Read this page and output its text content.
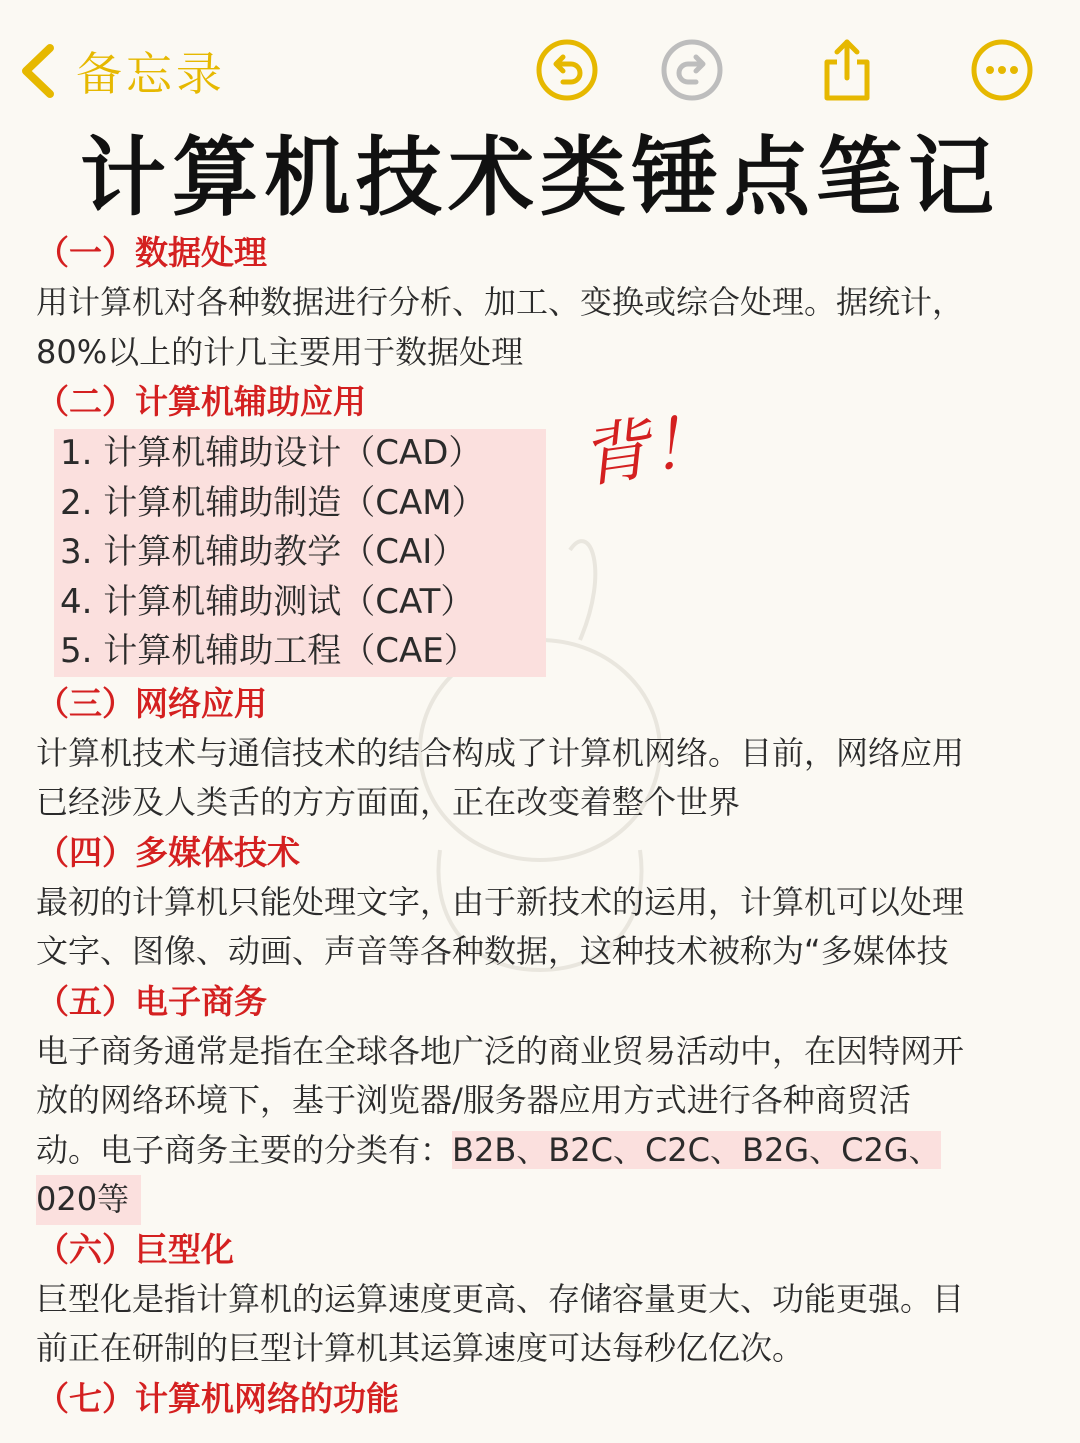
备忘录
计算机技术类锤点笔记
背！
（一）数据处理
用计算机对各种数据进行分析、加工、变换或综合处理。据统计，
80%以上的计几主要用于数据处理
（二）计算机辅助应用
1. 计算机辅助设计（CAD）
2. 计算机辅助制造（CAM）
3. 计算机辅助教学（CAI）
4. 计算机辅助测试（CAT）
5. 计算机辅助工程（CAE）
（三）网络应用
计算机技术与通信技术的结合构成了计算机网络。目前，网络应用
已经涉及人类舌的方方面面，正在改变着整个世界
（四）多媒体技术
最初的计算机只能处理文字，由于新技术的运用，计算机可以处理
文字、图像、动画、声音等各种数据，这种技术被称为“多媒体技
（五）电子商务
电子商务通常是指在全球各地广泛的商业贸易活动中，在因特网开
放的网络环境下，基于浏览器/服务器应用方式进行各种商贸活
动。电子商务主要的分类有：B2B、B2C、C2C、B2G、C2G、
020等
（六）巨型化
巨型化是指计算机的运算速度更高、存储容量更大、功能更强。目
前正在研制的巨型计算机其运算速度可达每秒亿亿次。
（七）计算机网络的功能
